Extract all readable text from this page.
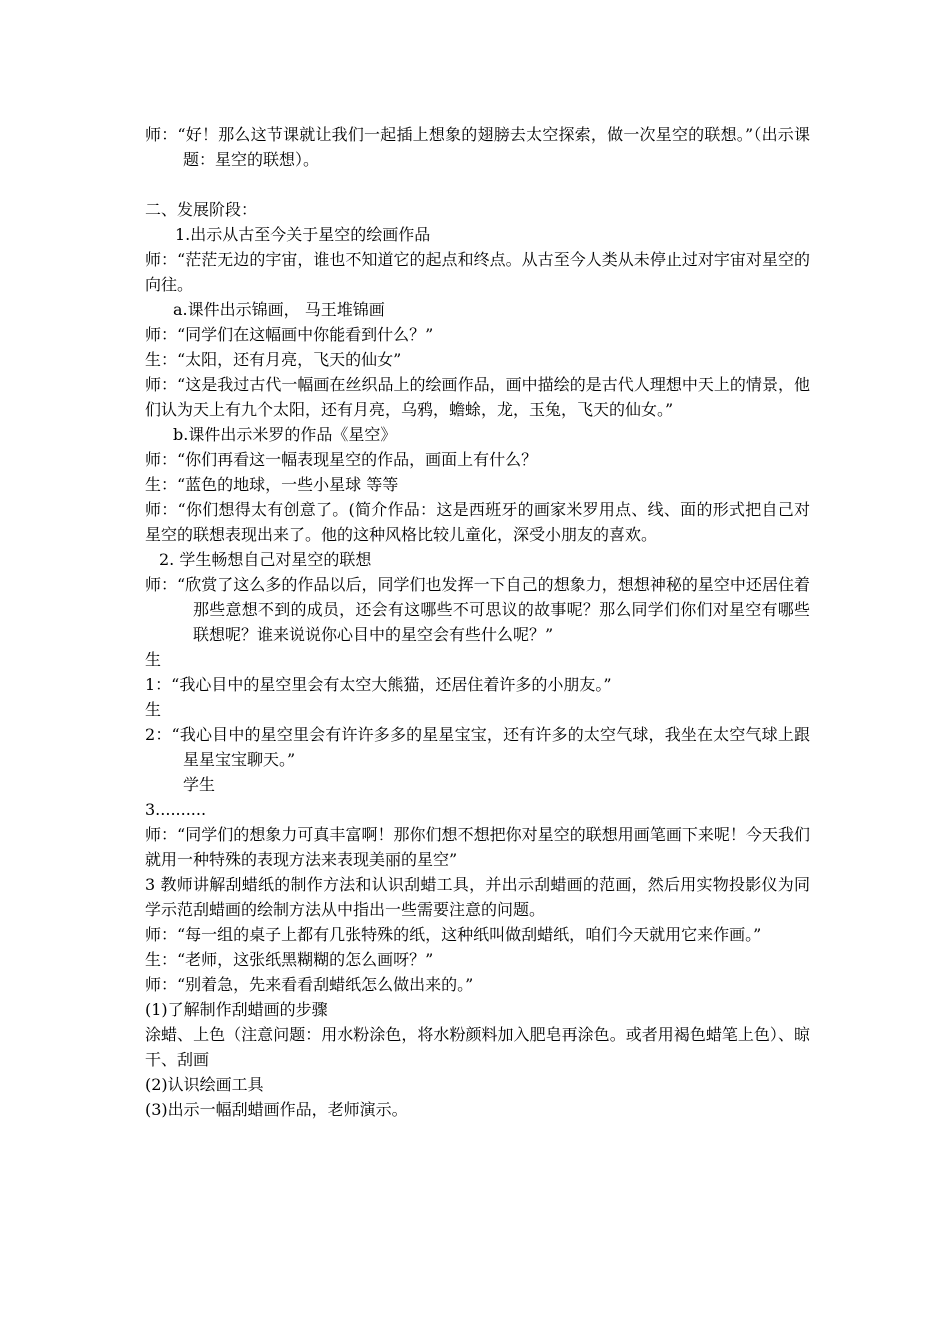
师：“好！那么这节课就让我们一起插上想象的翅膀去太空探索，做一次星空的联想。”（出示课题：星空的联想）。

二、发展阶段：

1.出示从古至今关于星空的绘画作品

师：“茫茫无边的宇宙，谁也不知道它的起点和终点。从古至今人类从未停止过对宇宙对星空的向往。

a.课件出示锦画， 马王堆锦画

师：“同学们在这幅画中你能看到什么？”

生：“太阳，还有月亮，飞天的仙女”

师：“这是我过古代一幅画在丝织品上的绘画作品，画中描绘的是古代人理想中天上的情景，他们认为天上有九个太阳，还有月亮，乌鸦，蟾蜍，龙，玉兔，飞天的仙女。”

b.课件出示米罗的作品《星空》

师：“你们再看这一幅表现星空的作品，画面上有什么？

生：“蓝色的地球，一些小星球 等等

师：“你们想得太有创意了。(简介作品：这是西班牙的画家米罗用点、线、面的形式把自己对星空的联想表现出来了。他的这种风格比较儿童化，深受小朋友的喜欢。

2. 学生畅想自己对星空的联想

师：“欣赏了这么多的作品以后，同学们也发挥一下自己的想象力，想想神秘的星空中还居住着那些意想不到的成员，还会有这哪些不可思议的故事呢？那么同学们你们对星空有哪些联想呢？谁来说说你心目中的星空会有些什么呢？”

生

1：“我心目中的星空里会有太空大熊猫，还居住着许多的小朋友。”

生

2：“我心目中的星空里会有许许多多的星星宝宝，还有许多的太空气球，我坐在太空气球上跟星星宝宝聊天。”

学生

3..........

师：“同学们的想象力可真丰富啊！那你们想不想把你对星空的联想用画笔画下来呢！今天我们就用一种特殊的表现方法来表现美丽的星空”

3 教师讲解刮蜡纸的制作方法和认识刮蜡工具，并出示刮蜡画的范画，然后用实物投影仪为同学示范刮蜡画的绘制方法从中指出一些需要注意的问题。

师：“每一组的桌子上都有几张特殊的纸，这种纸叫做刮蜡纸，咱们今天就用它来作画。”

生：“老师，这张纸黑糊糊的怎么画呀？”

师：“别着急，先来看看刮蜡纸怎么做出来的。”

(1)了解制作刮蜡画的步骤

涂蜡、上色（注意问题：用水粉涂色，将水粉颜料加入肥皂再涂色。或者用褐色蜡笔上色）、晾干、刮画

(2)认识绘画工具

(3)出示一幅刮蜡画作品，老师演示。
